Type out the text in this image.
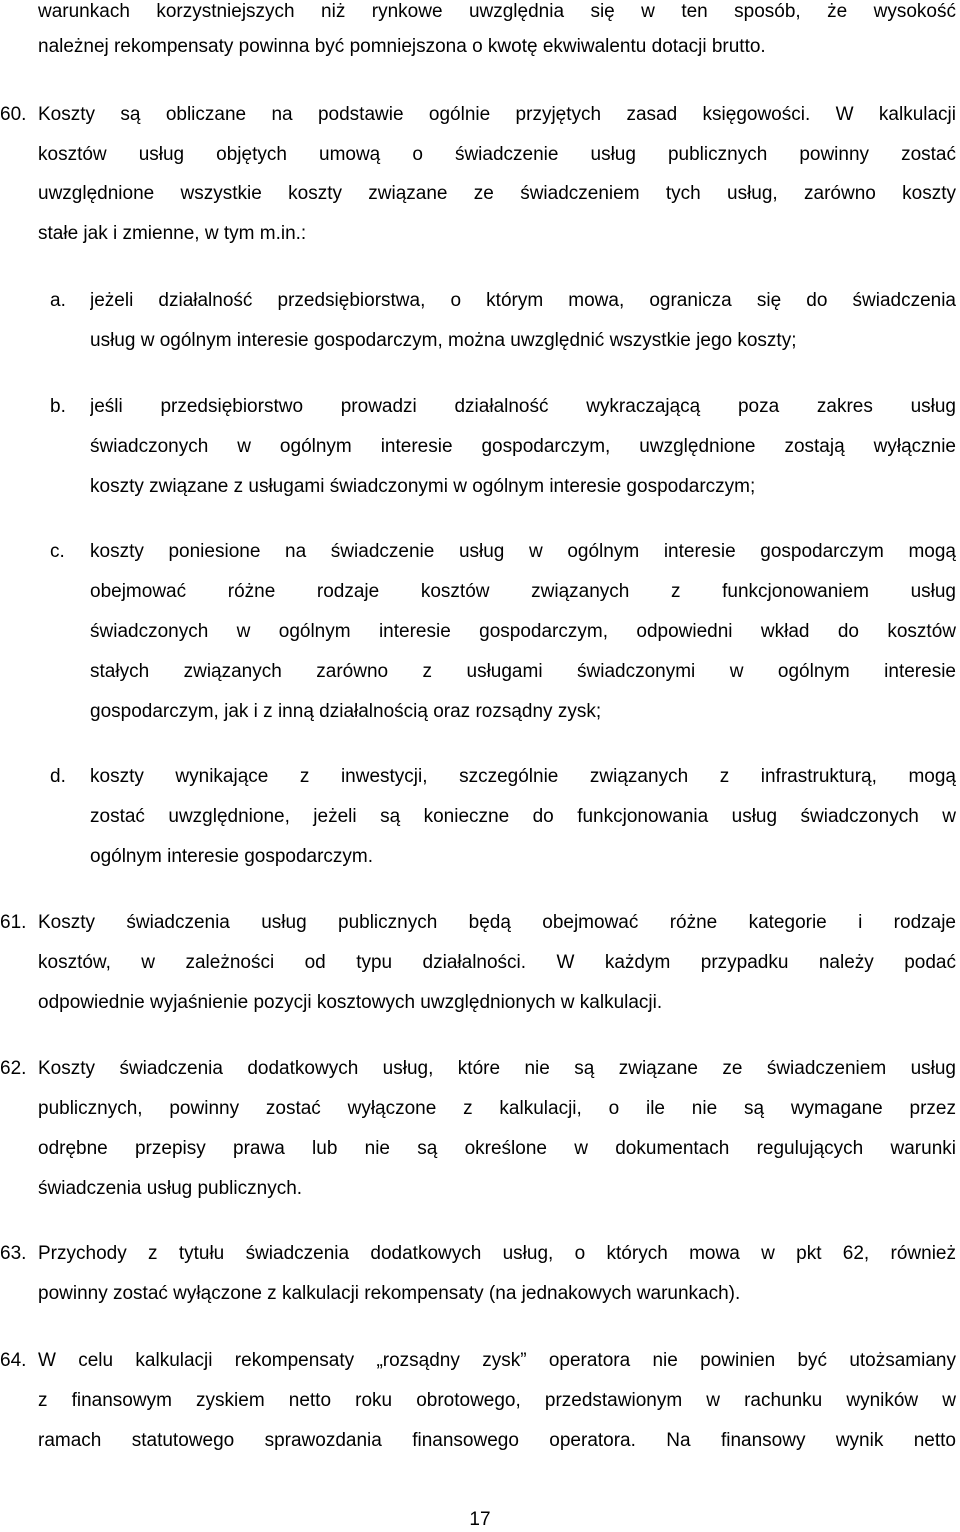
warunkach korzystniejszych niż rynkowe uwzględnia się w ten sposób, że wysokość
należnej rekompensaty powinna być pomniejszona o kwotę ekwiwalentu dotacji brutto.
60. Koszty są obliczane na podstawie ogólnie przyjętych zasad księgowości. W kalkulacji
kosztów usług objętych umową o świadczenie usług publicznych powinny zostać
uwzględnione wszystkie koszty związane ze świadczeniem tych usług, zarówno koszty
stałe jak i zmienne, w tym m.in.:
a. jeżeli działalność przedsiębiorstwa, o którym mowa, ogranicza się do świadczenia
usług w ogólnym interesie gospodarczym, można uwzględnić wszystkie jego koszty;
b. jeśli przedsiębiorstwo prowadzi działalność wykraczającą poza zakres usług
świadczonych w ogólnym interesie gospodarczym, uwzględnione zostają wyłącznie
koszty związane z usługami świadczonymi w ogólnym interesie gospodarczym;
c. koszty poniesione na świadczenie usług w ogólnym interesie gospodarczym mogą
obejmować różne rodzaje kosztów związanych z funkcjonowaniem usług
świadczonych w ogólnym interesie gospodarczym, odpowiedni wkład do kosztów
stałych związanych zarówno z usługami świadczonymi w ogólnym interesie
gospodarczym, jak i z inną działalnością oraz rozsądny zysk;
d. koszty wynikające z inwestycji, szczególnie związanych z infrastrukturą, mogą
zostać uwzględnione, jeżeli są konieczne do funkcjonowania usług świadczonych w
ogólnym interesie gospodarczym.
61. Koszty świadczenia usług publicznych będą obejmować różne kategorie i rodzaje
kosztów, w zależności od typu działalności. W każdym przypadku należy podać
odpowiednie wyjaśnienie pozycji kosztowych uwzględnionych w kalkulacji.
62. Koszty świadczenia dodatkowych usług, które nie są związane ze świadczeniem usług
publicznych, powinny zostać wyłączone z kalkulacji, o ile nie są wymagane przez
odrębne przepisy prawa lub nie są określone w dokumentach regulujących warunki
świadczenia usług publicznych.
63. Przychody z tytułu świadczenia dodatkowych usług, o których mowa w pkt 62, również
powinny zostać wyłączone z kalkulacji rekompensaty (na jednakowych warunkach).
64. W celu kalkulacji rekompensaty „rozsądny zysk” operatora nie powinien być utożsamiany
z finansowym zyskiem netto roku obrotowego, przedstawionym w rachunku wyników w
ramach statutowego sprawozdania finansowego operatora. Na finansowy wynik netto
17
